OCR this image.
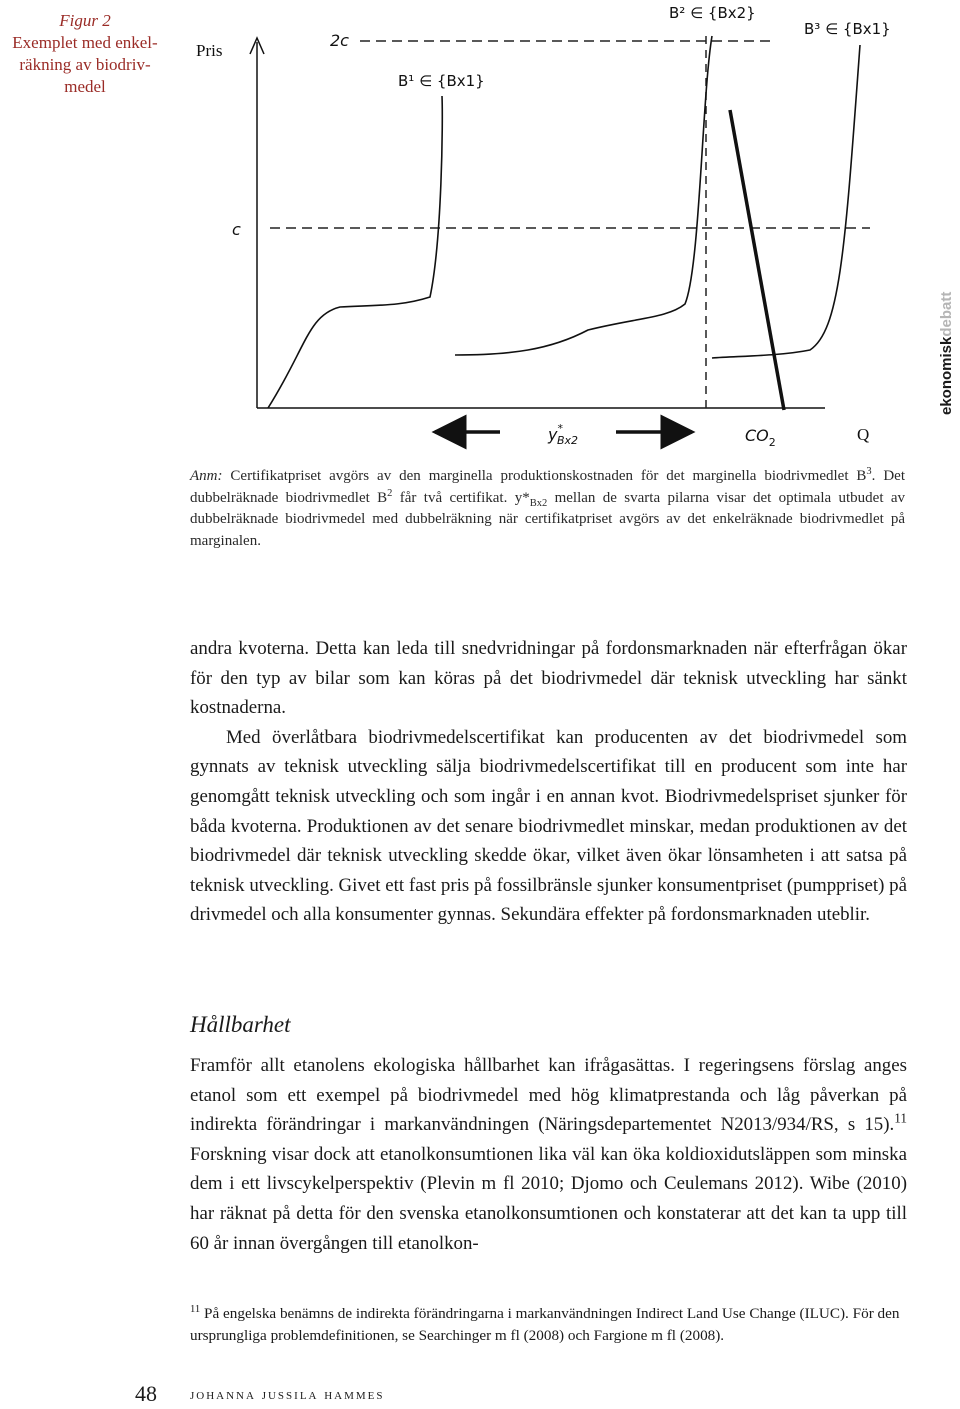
Figur 2
Exemplet med enkelräkning av biodrivmedel
Pris
2c
c
B¹ ∈ {Bx1}
B² ∈ {Bx2}
B³ ∈ {Bx1}
Q
y* Bx2	$CO_2$
ekonomiskdebatt
Anm: Certifikatpriset avgörs av den marginella produktionskostnaden för det marginella biodrivmedlet $B^3$. Det dubbelräknade biodrivmedlet $B^2$ får två certifikat. $y*_{Bx2}$ mellan de svarta pilarna visar det optimala utbudet av dubbelräknade biodrivmedel med dubbelräkning när certifikatpriset avgörs av det enkelräknade biodrivmedlet på marginalen.

andra kvoterna. Detta kan leda till snedvridningar på fordonsmarknaden när efterfrågan ökar för den typ av bilar som kan köras på det biodrivmedel där teknisk utveckling har sänkt kostnaderna.

Med överlåtbara biodrivmedelscertifikat kan producenten av det biodrivmedel som gynnats av teknisk utveckling sälja biodrivmedelscertifikat till en producent som inte har genomgått teknisk utveckling och som ingår i en annan kvot. Biodrivmedelspriset sjunker för båda kvoterna. Produktionen av det senare biodrivmedlet minskar, medan produktionen av det biodrivmedel där teknisk utveckling skedde ökar, vilket även ökar lönsamheten i att satsa på teknisk utveckling. Givet ett fast pris på fossilbränsle sjunker konsumentpriset (pumppriset) på drivmedel och alla konsumenter gynnas. Sekundära effekter på fordonsmarknaden uteblir.

Hållbarhet

Framför allt etanolens ekologiska hållbarhet kan ifrågasättas. I regeringsens förslag anges etanol som ett exempel på biodrivmedel med hög klimatprestanda och låg påverkan på indirekta förändringar i markanvändningen (Näringsdepartementet N2013/934/RS, s 15).$^{11}$ Forskning visar dock att etanolkonsumtionen lika väl kan öka koldioxidutsläppen som minska dem i ett livscykelperspektiv (Plevin m fl 2010; Djomo och Ceulemans 2012). Wibe (2010) har räknat på detta för den svenska etanolkonsumtionen och konstaterar att det kan ta upp till 60 år innan övergången till etanolkon-

$^{11}$ På engelska benämns de indirekta förändringarna i markanvändningen Indirect Land Use Change (ILUC). För den ursprungliga problemdefinitionen, se Searchinger m fl (2008) och Fargione m fl (2008).
48 johanna jussila hammes
